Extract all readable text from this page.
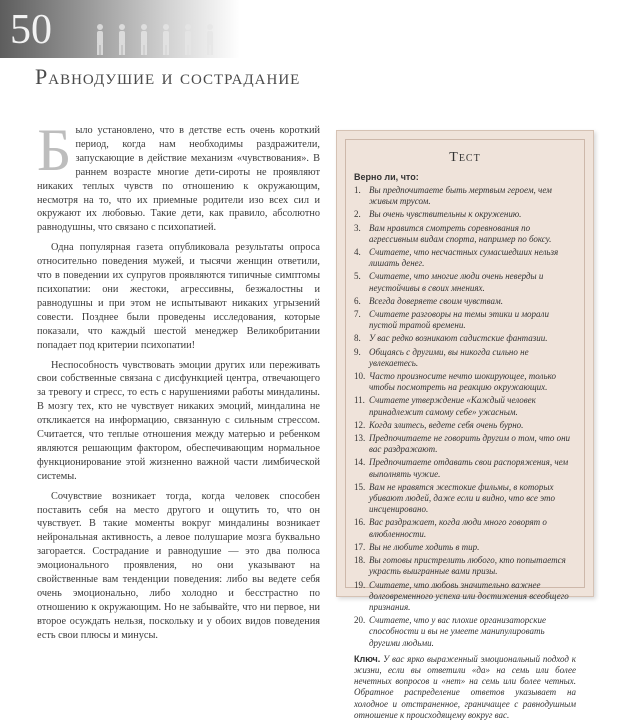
50
Равнодушие и сострадание

Было установлено, что в детстве есть очень короткий период, когда нам необходимы раздражители, запускающие в действие механизм «чувствования». В раннем возрасте многие дети-сироты не проявляют никаких теплых чувств по отношению к окружающим, несмотря на то, что их приемные родители изо всех сил и окружают их любовью. Такие дети, как правило, абсолютно равнодушны, что связано с психопатией.

Одна популярная газета опубликовала результаты опроса относительно поведения мужей, и тысячи женщин ответили, что в поведении их супругов проявляются типичные симптомы психопатии: они жестоки, агрессивны, безжалостны и равнодушны и при этом не испытывают никаких угрызений совести. Позднее были проведены исследования, которые показали, что каждый шестой менеджер Великобритании попадает под критерии психопатии!

Неспособность чувствовать эмоции других или переживать свои собственные связана с дисфункцией центра, отвечающего за тревогу и стресс, то есть с нарушениями работы миндалины. В мозгу тех, кто не чувствует никаких эмоций, миндалина не откликается на информацию, связанную с сильным стрессом. Считается, что теплые отношения между матерью и ребенком являются решающим фактором, обеспечивающим нормальное функционирование этой жизненно важной части лимбической системы.

Сочувствие возникает тогда, когда человек способен поставить себя на место другого и ощутить то, что он чувствует. В такие моменты вокруг миндалины возникает нейрональная активность, а левое полушарие мозга буквально загорается. Сострадание и равнодушие — это два полюса эмоционального проявления, но они указывают на свойственные вам тенденции поведения: либо вы ведете себя очень эмоционально, либо холодно и бесстрастно по отношению к окружающим. Но не забывайте, что ни первое, ни второе осуждать нельзя, поскольку и у обоих видов поведения есть свои плюсы и минусы.

Тест
Верно ли, что:
1. Вы предпочитаете быть мертвым героем, чем живым трусом.
2. Вы очень чувствительны к окружению.
3. Вам нравится смотреть соревнования по агрессивным видам спорта, например по боксу.
4. Считаете, что несчастных сумасшедших нельзя лишать денег.
5. Считаете, что многие люди очень неверды и неустойчивы в своих мнениях.
6. Всегда доверяете своим чувствам.
7. Считаете разговоры на темы этики и морали пустой тратой времени.
8. У вас редко возникают садистские фантазии.
9. Общаясь с другими, вы никогда сильно не увлекаетесь.
10. Часто произносите нечто шокирующее, только чтобы посмотреть на реакцию окружающих.
11. Считаете утверждение «Каждый человек принадлежит самому себе» ужасным.
12. Когда злитесь, ведете себя очень бурно.
13. Предпочитаете не говорить другим о том, что они вас раздражают.
14. Предпочитаете отдавать свои распоряжения, чем выполнять чужие.
15. Вам не нравятся жестокие фильмы, в которых убивают людей, даже если и видно, что все это инсценировано.
16. Вас раздражает, когда люди много говорят о влюбленности.
17. Вы не любите ходить в тир.
18. Вы готовы пристрелить любого, кто попытается украсть выигранные вами призы.
19. Считаете, что любовь значительно важнее долговременного успеха или достижения всеобщего признания.
20. Считаете, что у вас плохие организаторские способности и вы не умеете манипулировать другими людьми.
Ключ. У вас ярко выраженный эмоциональный подход к жизни, если вы ответили «да» на семь или более нечетных вопросов и «нет» на семь или более четных. Обратное распределение ответов указывает на холодное и отстраненное, граничащее с равнодушным отношение к происходящему вокруг вас.
